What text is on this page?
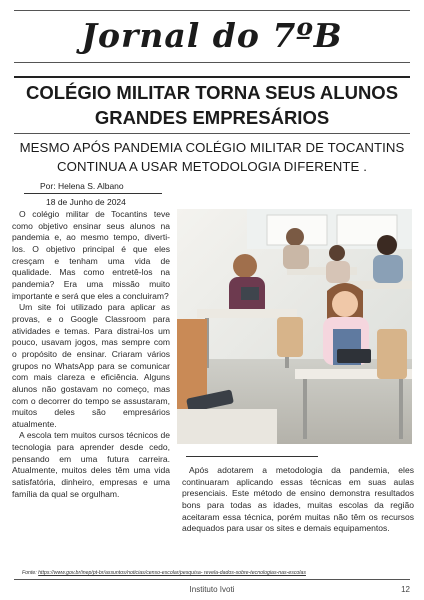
Jornal do 7ºB
COLÉGIO MILITAR TORNA SEUS ALUNOS GRANDES EMPRESÁRIOS
MESMO APÓS PANDEMIA COLÉGIO MILITAR DE TOCANTINS CONTINUA A USAR METODOLOGIA DIFERENTE .
Por: Helena S. Albano
18 de Junho de 2024

O colégio militar de Tocantins teve como objetivo ensinar seus alunos na pandemia e, ao mesmo tempo, diverti-los. O objetivo principal é que eles cresçam e tenham uma vida de qualidade. Mas como entretê-los na pandemia? Era uma missão muito importante e será que eles a concluiram?

Um site foi utilizado para aplicar as provas, e o Google Classroom para atividades e temas. Para distrai-los um pouco, usavam jogos, mas sempre com o propósito de ensinar. Criaram vários grupos no WhatsApp para se comunicar com mais clareza e eficiência. Alguns alunos não gostavam no começo, mas com o decorrer do tempo se assustaram, muitos deles são empresários atualmente.

A escola tem muitos cursos técnicos de tecnologia para aprender desde cedo, pensando em uma futura carreira. Atualmente, muitos deles têm uma vida satisfatória, dinheiro, empresas e uma família da qual se orgulham.

Após adotarem a metodologia da pandemia, eles continuaram aplicando essas técnicas em suas aulas presenciais. Este método de ensino demonstra resultados bons para todas as idades, muitas escolas da região aceitaram essa técnica, porém muitas não têm os recursos adequados para usar os sites e demais equipamentos.

Fonte: https://www.gov.br/inep/pt-br/assuntos/noticias/censo-escolar/pesquisa- revela-dados-sobre-tecnologias-nas-escolas
Instituto Ivoti	12
